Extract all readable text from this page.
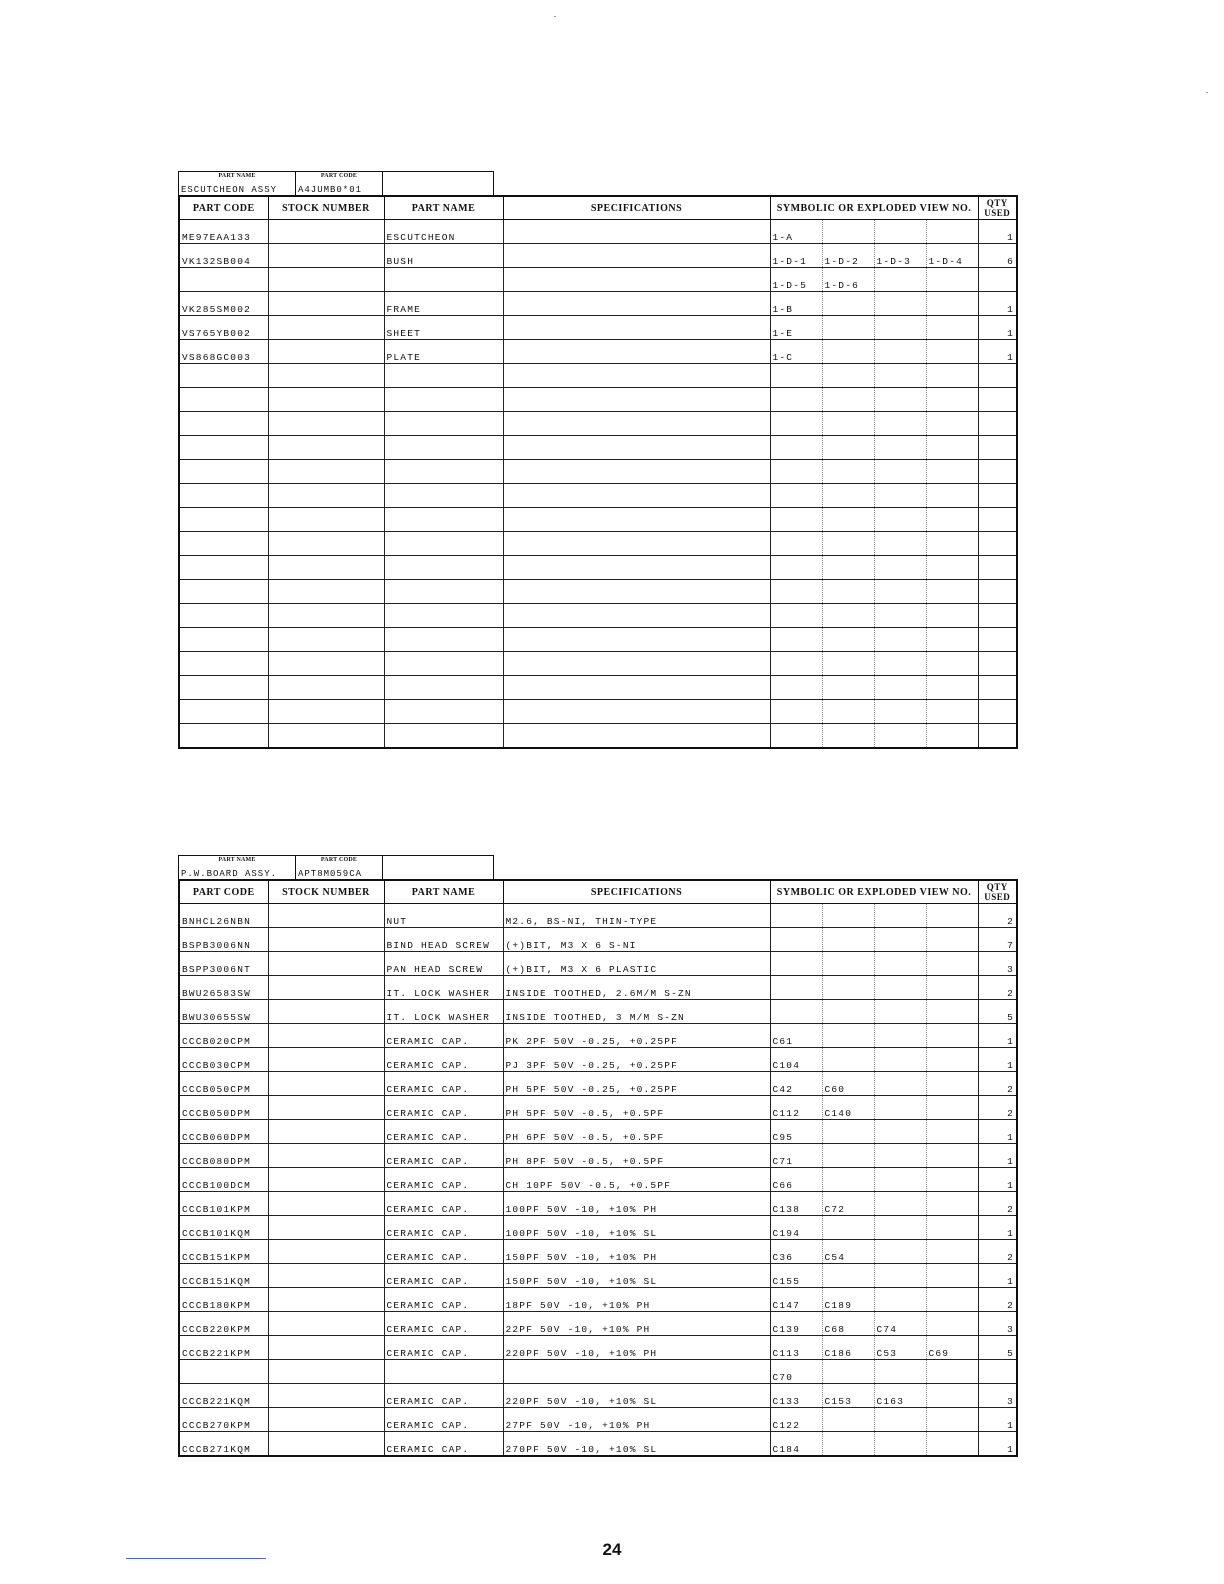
PART NAME
ESCUTCHEON ASSY
PART CODE
A4JUMB0*01
PART CODE	STOCK NUMBER	PART NAME	SPECIFICATIONS	SYMBOLIC OR EXPLODED VIEW NO.				QTY
USED
ME97EAA133		ESCUTCHEON		1-A				1
VK132SB004		BUSH		1-D-1	1-D-2	1-D-3	1-D-4	6
				1-D-5	1-D-6			
VK285SM002		FRAME		1-B				1
VS765YB002		SHEET		1-E				1
VS868GC003		PLATE		1-C				1

PART NAME
P.W.BOARD ASSY.
PART CODE
APT8M059CA
PART CODE	STOCK NUMBER	PART NAME	SPECIFICATIONS	SYMBOLIC OR EXPLODED VIEW NO.				QTY
USED
BNHCL26NBN		NUT	M2.6, BS-NI, THIN-TYPE					2
BSPB3006NN		BIND HEAD SCREW	(+)BIT, M3 X 6 S-NI					7
BSPP3006NT		PAN HEAD SCREW	(+)BIT, M3 X 6 PLASTIC					3
BWU26583SW		IT. LOCK WASHER	INSIDE TOOTHED, 2.6M/M S-ZN					2
BWU30655SW		IT. LOCK WASHER	INSIDE TOOTHED, 3 M/M S-ZN					5
CCCB020CPM		CERAMIC CAP.	PK 2PF 50V -0.25, +0.25PF	C61				1
CCCB030CPM		CERAMIC CAP.	PJ 3PF 50V -0.25, +0.25PF	C104				1
CCCB050CPM		CERAMIC CAP.	PH 5PF 50V -0.25, +0.25PF	C42	C60			2
CCCB050DPM		CERAMIC CAP.	PH 5PF 50V -0.5, +0.5PF	C112	C140			2
CCCB060DPM		CERAMIC CAP.	PH 6PF 50V -0.5, +0.5PF	C95				1
CCCB080DPM		CERAMIC CAP.	PH 8PF 50V -0.5, +0.5PF	C71				1
CCCB100DCM		CERAMIC CAP.	CH 10PF 50V -0.5, +0.5PF	C66				1
CCCB101KPM		CERAMIC CAP.	100PF 50V -10, +10% PH	C138	C72			2
CCCB101KQM		CERAMIC CAP.	100PF 50V -10, +10% SL	C194				1
CCCB151KPM		CERAMIC CAP.	150PF 50V -10, +10% PH	C36	C54			2
CCCB151KQM		CERAMIC CAP.	150PF 50V -10, +10% SL	C155				1
CCCB180KPM		CERAMIC CAP.	18PF 50V -10, +10% PH	C147	C189			2
CCCB220KPM		CERAMIC CAP.	22PF 50V -10, +10% PH	C139	C68	C74		3
CCCB221KPM		CERAMIC CAP.	220PF 50V -10, +10% PH	C113	C186	C53	C69	5
				C70				
CCCB221KQM		CERAMIC CAP.	220PF 50V -10, +10% SL	C133	C153	C163		3
CCCB270KPM		CERAMIC CAP.	27PF 50V -10, +10% PH	C122				1
CCCB271KQM		CERAMIC CAP.	270PF 50V -10, +10% SL	C184				1
24
